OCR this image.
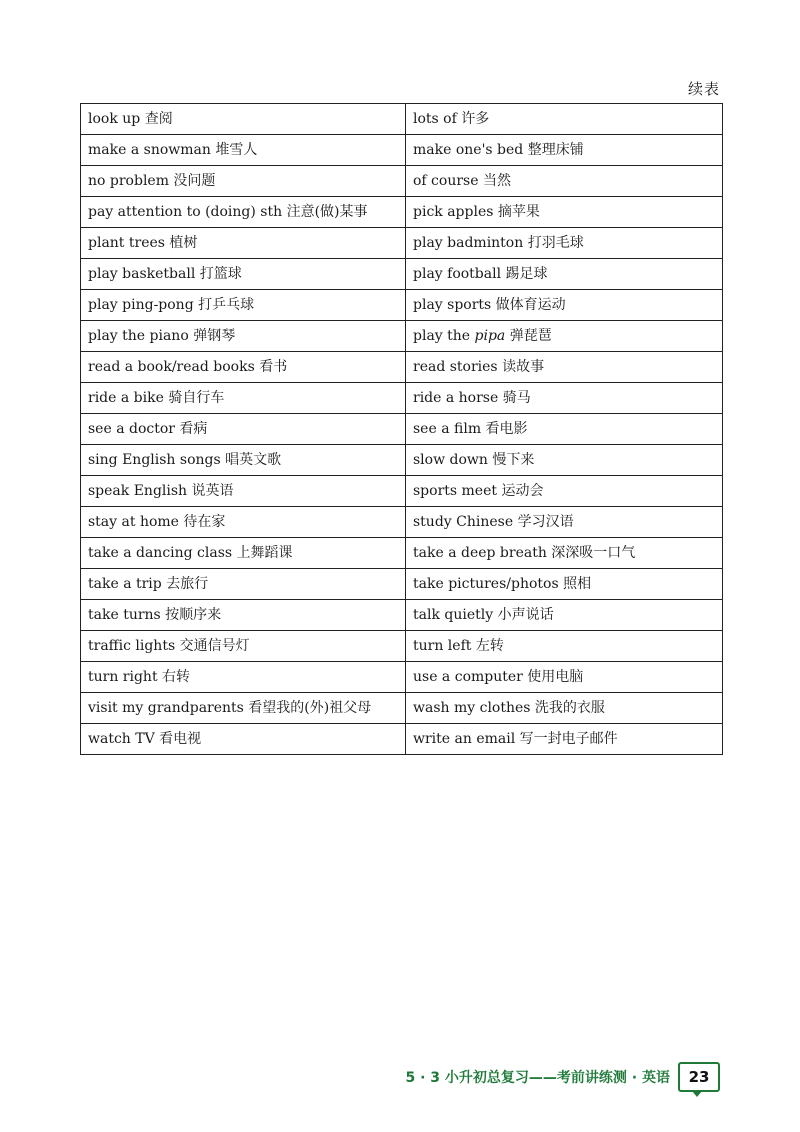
续表
look up 查阅	lots of 许多
make a snowman 堆雪人	make one's bed 整理床铺
no problem 没问题	of course 当然
pay attention to (doing) sth 注意(做)某事	pick apples 摘苹果
plant trees 植树	play badminton 打羽毛球
play basketball 打篮球	play football 踢足球
play ping-pong 打乒乓球	play sports 做体育运动
play the piano 弹钢琴	play the pipa 弹琵琶
read a book/read books 看书	read stories 读故事
ride a bike 骑自行车	ride a horse 骑马
see a doctor 看病	see a film 看电影
sing English songs 唱英文歌	slow down 慢下来
speak English 说英语	sports meet 运动会
stay at home 待在家	study Chinese 学习汉语
take a dancing class 上舞蹈课	take a deep breath 深深吸一口气
take a trip 去旅行	take pictures/photos 照相
take turns 按顺序来	talk quietly 小声说话
traffic lights 交通信号灯	turn left 左转
turn right 右转	use a computer 使用电脑
visit my grandparents 看望我的(外)祖父母	wash my clothes 洗我的衣服
watch TV 看电视	write an email 写一封电子邮件
5 · 3 小升初总复习——考前讲练测 · 英语	23
